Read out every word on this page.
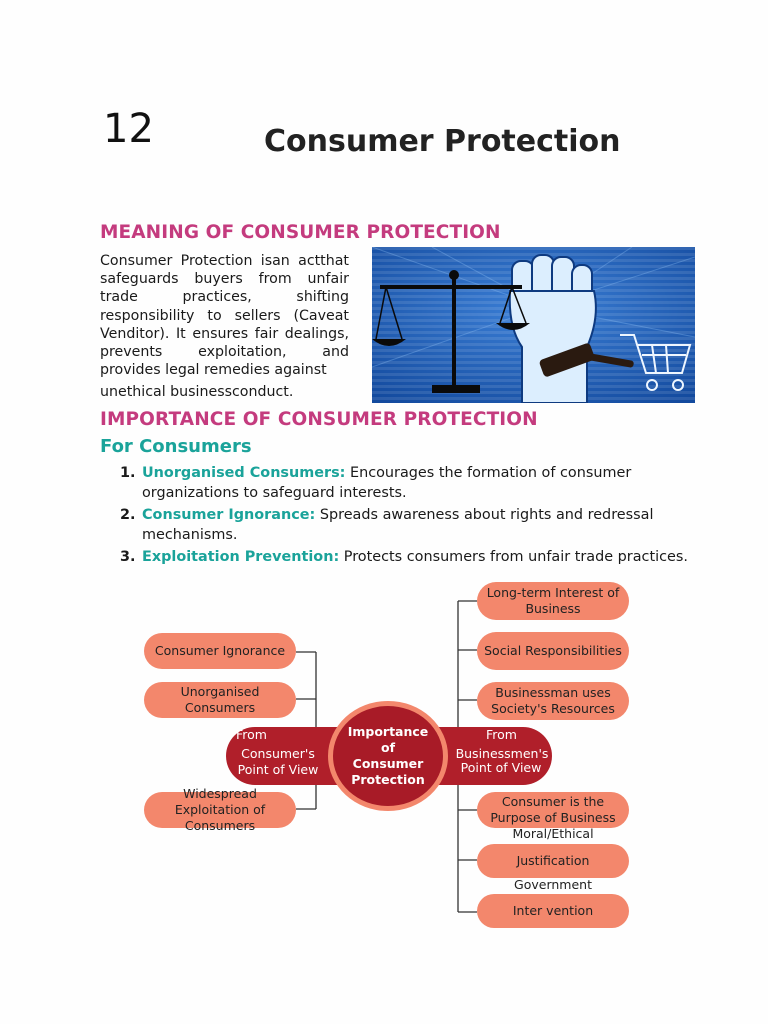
12	Consumer Protection
MEANING OF CONSUMER PROTECTION
Consumer Protection isan actthat safeguards buyers from unfair trade practices, shifting responsibility to sellers (Caveat Venditor). It ensures fair dealings, prevents exploitation, and provides legal remedies against
unethical businessconduct.
IMPORTANCE OF CONSUMER PROTECTION
For Consumers
1. Unorganised Consumers: Encourages the formation of consumer organizations to safeguard interests.
2. Consumer Ignorance: Spreads awareness about rights and redressal mechanisms.
3. Exploitation Prevention: Protects consumers from unfair trade practices.
Consumer Ignorance
Unorganised Consumers
Widespread Exploitation of Consumers
Long-term Interest of Business
Social Responsibilities
Businessman uses Society's Resources
Consumer is the Purpose of Business
Moral/Ethical
Justification
Government
Inter vention
From
Consumer's
Point of View
From
Businessmen's
Point of View
Importance of Consumer Protection
